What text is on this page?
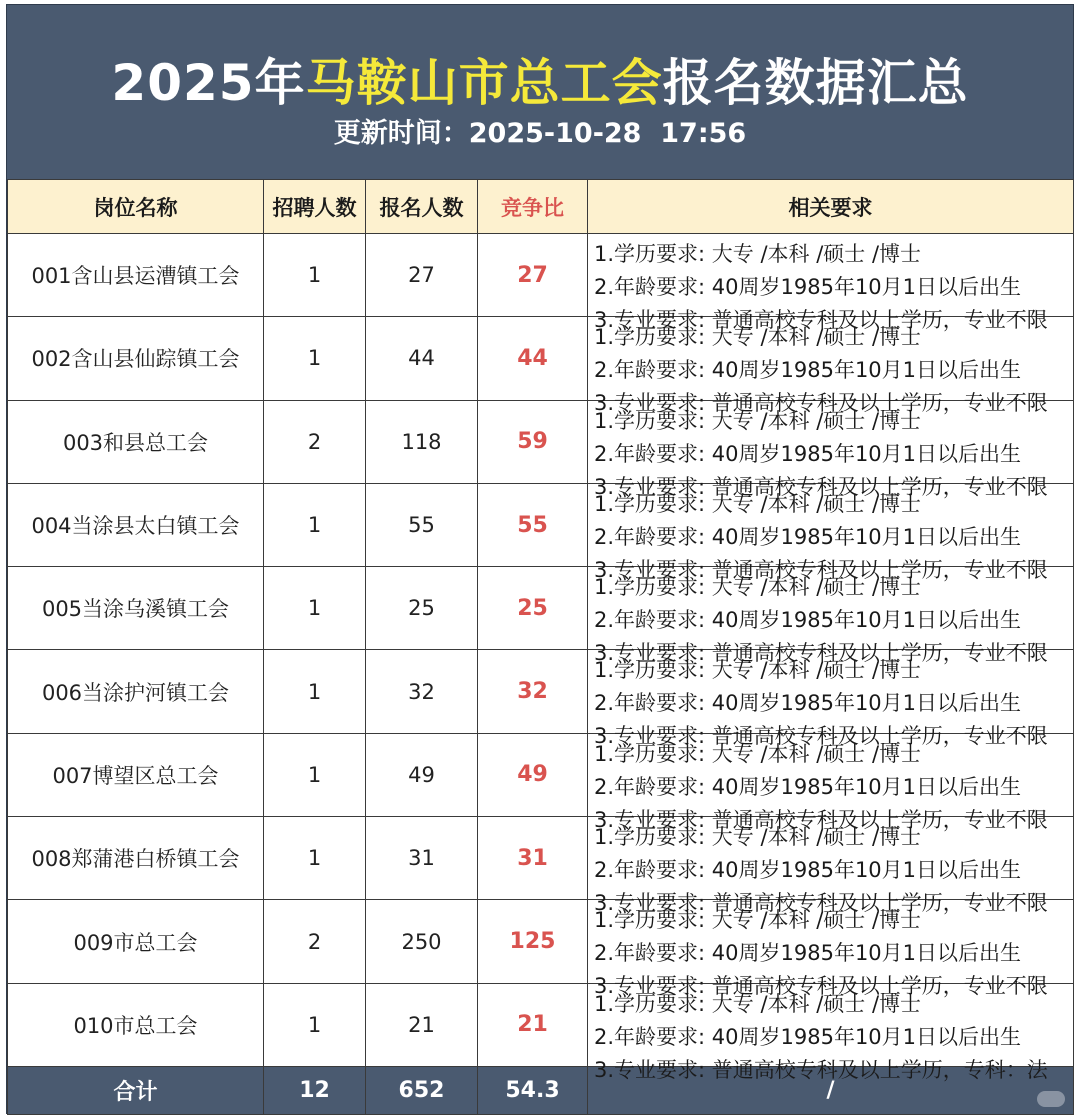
2025年马鞍山市总工会报名数据汇总
更新时间：2025-10-28  17:56
岗位名称	招聘人数	报名人数	竞争比	相关要求
001含山县运漕镇工会	1	27	27	1.学历要求: 大专 /本科 /硕士 /博士
2.年龄要求: 40周岁1985年10月1日以后出生
3.专业要求: 普通高校专科及以上学历，专业不限

002含山县仙踪镇工会	1	44	44	1.学历要求: 大专 /本科 /硕士 /博士
2.年龄要求: 40周岁1985年10月1日以后出生
3.专业要求: 普通高校专科及以上学历，专业不限

003和县总工会	2	118	59	1.学历要求: 大专 /本科 /硕士 /博士
2.年龄要求: 40周岁1985年10月1日以后出生
3.专业要求: 普通高校专科及以上学历，专业不限

004当涂县太白镇工会	1	55	55	1.学历要求: 大专 /本科 /硕士 /博士
2.年龄要求: 40周岁1985年10月1日以后出生
3.专业要求: 普通高校专科及以上学历，专业不限

005当涂乌溪镇工会	1	25	25	1.学历要求: 大专 /本科 /硕士 /博士
2.年龄要求: 40周岁1985年10月1日以后出生
3.专业要求: 普通高校专科及以上学历，专业不限

006当涂护河镇工会	1	32	32	1.学历要求: 大专 /本科 /硕士 /博士
2.年龄要求: 40周岁1985年10月1日以后出生
3.专业要求: 普通高校专科及以上学历，专业不限

007博望区总工会	1	49	49	1.学历要求: 大专 /本科 /硕士 /博士
2.年龄要求: 40周岁1985年10月1日以后出生
3.专业要求: 普通高校专科及以上学历，专业不限

008郑蒲港白桥镇工会	1	31	31	1.学历要求: 大专 /本科 /硕士 /博士
2.年龄要求: 40周岁1985年10月1日以后出生
3.专业要求: 普通高校专科及以上学历，专业不限

009市总工会	2	250	125	1.学历要求: 大专 /本科 /硕士 /博士
2.年龄要求: 40周岁1985年10月1日以后出生
3.专业要求: 普通高校专科及以上学历，专业不限

010市总工会	1	21	21	1.学历要求: 大专 /本科 /硕士 /博士
2.年龄要求: 40周岁1985年10月1日以后出生
3.专业要求: 普通高校专科及以上学历，专科：法

合计	12	652	54.3	/
